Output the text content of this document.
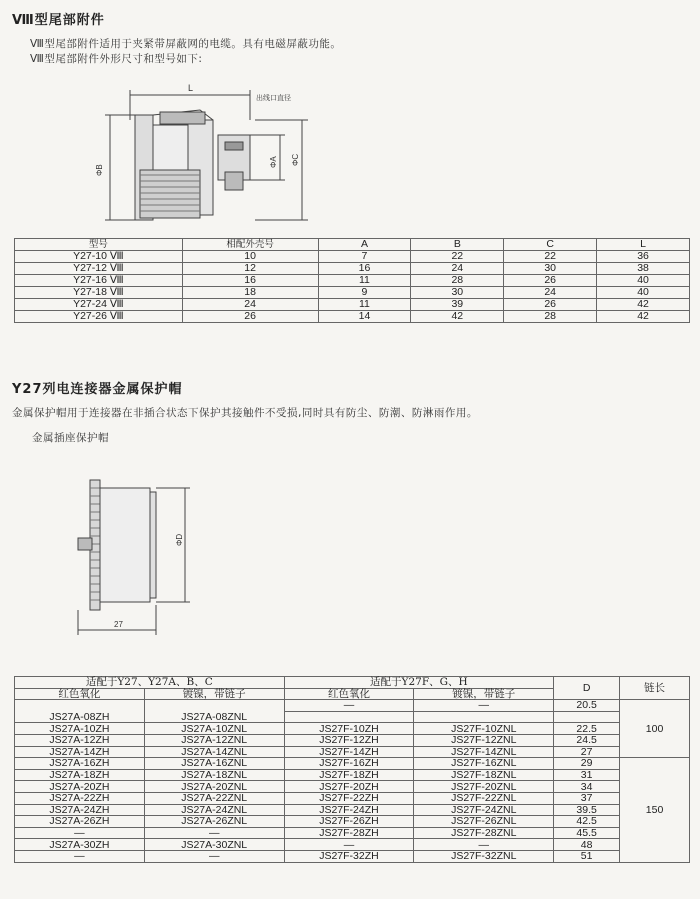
Ⅷ型尾部附件
Ⅷ型尾部附件适用于夹紧带屏蔽网的电缆。具有电磁屏蔽功能。
Ⅷ型尾部附件外形尺寸和型号如下:
L
出线口直径
ΦB
ΦA ΦC
型号	相配外壳号	A	B	C	L
Y27-10 Ⅷ	10	7	22	22	36
Y27-12 Ⅷ	12	16	24	30	38
Y27-16 Ⅷ	16	11	28	26	40
Y27-18 Ⅷ	18	9	30	24	40
Y27-24 Ⅷ	24	11	39	26	42
Y27-26 Ⅷ	26	14	42	28	42
Y27列电连接器金属保护帽
金属保护帽用于连接器在非插合状态下保护其接触件不受损,同时具有防尘、防潮、防淋雨作用。
金属插座保护帽
ΦD
27
适配于Y27、Y27A、B、C		适配于Y27F、G、H		D	链长
红色氧化	镀镍，带链子	红色氧化	镀镍，带链子		
		—	—	20.5	100
JS27A-08ZH	JS27A-08ZNL				
JS27A-10ZH	JS27A-10ZNL	JS27F-10ZH	JS27F-10ZNL	22.5	
JS27A-12ZH	JS27A-12ZNL	JS27F-12ZH	JS27F-12ZNL	24.5	
JS27A-14ZH	JS27A-14ZNL	JS27F-14ZH	JS27F-14ZNL	27	
JS27A-16ZH	JS27A-16ZNL	JS27F-16ZH	JS27F-16ZNL	29	150
JS27A-18ZH	JS27A-18ZNL	JS27F-18ZH	JS27F-18ZNL	31	
JS27A-20ZH	JS27A-20ZNL	JS27F-20ZH	JS27F-20ZNL	34	
JS27A-22ZH	JS27A-22ZNL	JS27F-22ZH	JS27F-22ZNL	37	
JS27A-24ZH	JS27A-24ZNL	JS27F-24ZH	JS27F-24ZNL	39.5	
JS27A-26ZH	JS27A-26ZNL	JS27F-26ZH	JS27F-26ZNL	42.5	
—	—	JS27F-28ZH	JS27F-28ZNL	45.5	
JS27A-30ZH	JS27A-30ZNL	—	—	48	
—	—	JS27F-32ZH	JS27F-32ZNL	51	
